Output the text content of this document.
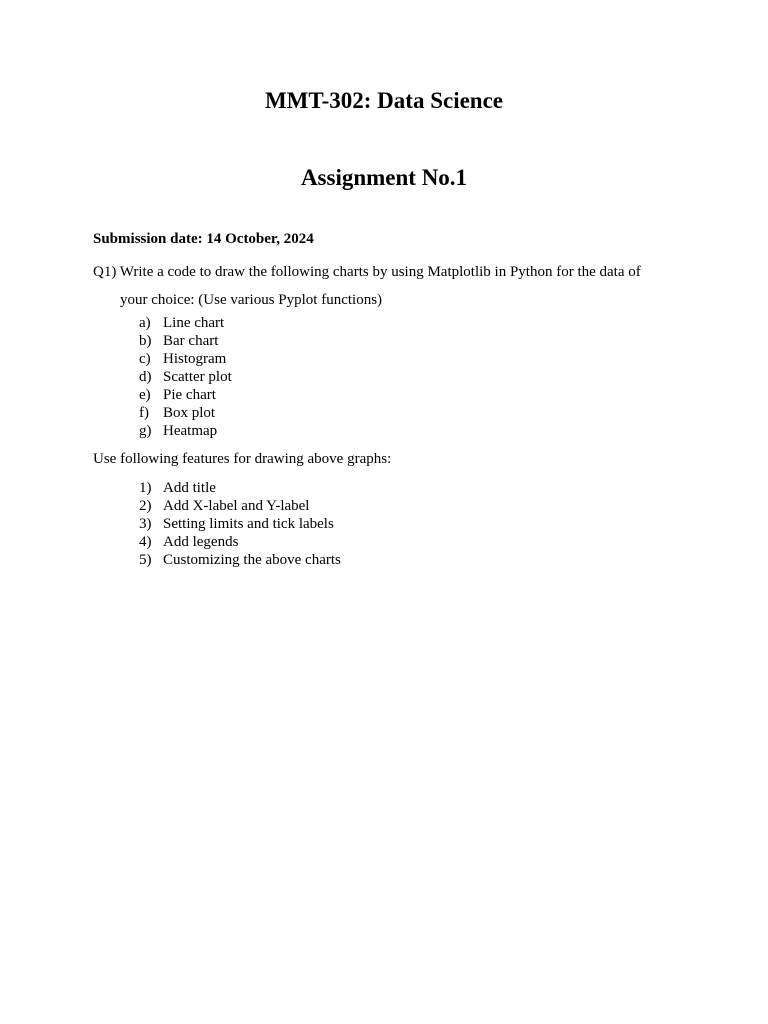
MMT-302: Data Science
Assignment No.1
Submission date: 14 October, 2024
Q1) Write a code to draw the following charts by using Matplotlib in Python for the data of
your choice: (Use various Pyplot functions)
a) Line chart
b) Bar chart
c) Histogram
d) Scatter plot
e) Pie chart
f) Box plot
g) Heatmap
Use following features for drawing above graphs:
1) Add title
2) Add X-label and Y-label
3) Setting limits and tick labels
4) Add legends
5) Customizing the above charts
